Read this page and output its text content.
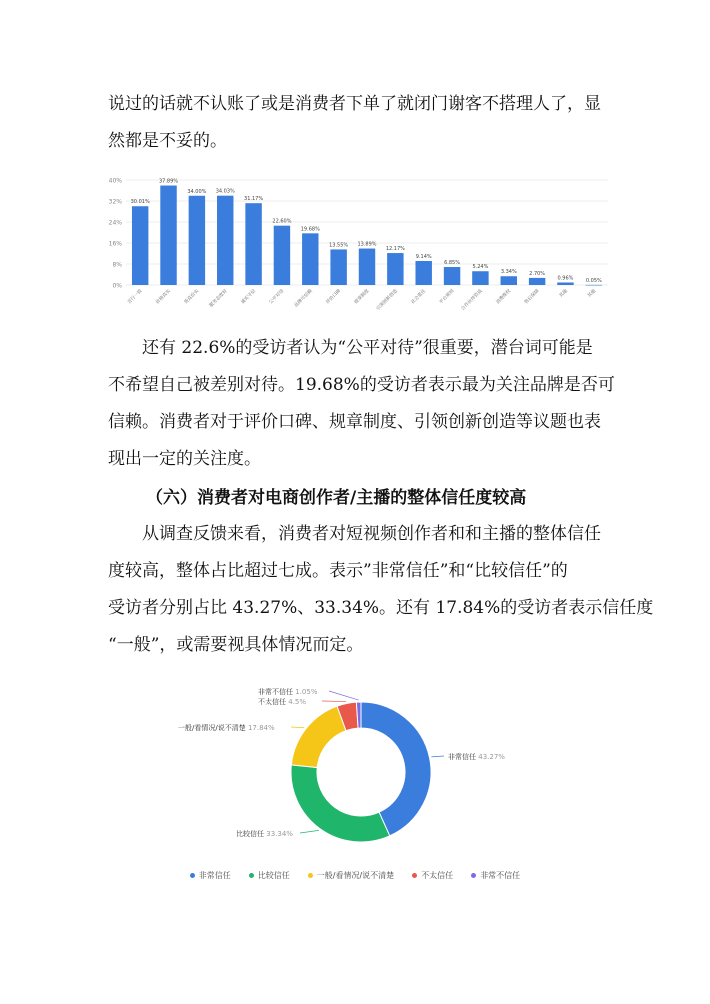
说过的话就不认账了或是消费者下单了就闭门谢客不搭理人了，显
然都是不妥的。

40%
32%
24%
16%
8%
0%
30.01%
言行一致
37.89%
价格真实
34.00%
货真价实
34.03%
服务态度好
31.17%
诚实守信
22.60%
公平对待
19.68%
品牌可信赖
13.55%
评价口碑
13.89%
规章制度
12.17%
引领创新创造
9.14%
社会责任
6.85%
平台规则
5.24%
合作伙伴资质
3.34%
消费维权
2.70%
售后保障
0.96%
其他
0.05%
其他

还有 22.6%的受访者认为“公平对待”很重要，潜台词可能是
不希望自己被差别对待。19.68%的受访者表示最为关注品牌是否可
信赖。消费者对于评价口碑、规章制度、引领创新创造等议题也表
现出一定的关注度。

（六）消费者对电商创作者/主播的整体信任度较高

从调查反馈来看，消费者对短视频创作者和和主播的整体信任
度较高，整体占比超过七成。表示”非常信任”和“比较信任”的
受访者分别占比 43.27%、33.34%。还有 17.84%的受访者表示信任度
“一般”，或需要视具体情况而定。

非常信任 43.27%
比较信任 33.34%
一般/看情况/说不清楚 17.84%
不太信任 4.5%
非常不信任 1.05%
非常信任	比较信任	一般/看情况/说不清楚	不太信任	非常不信任
